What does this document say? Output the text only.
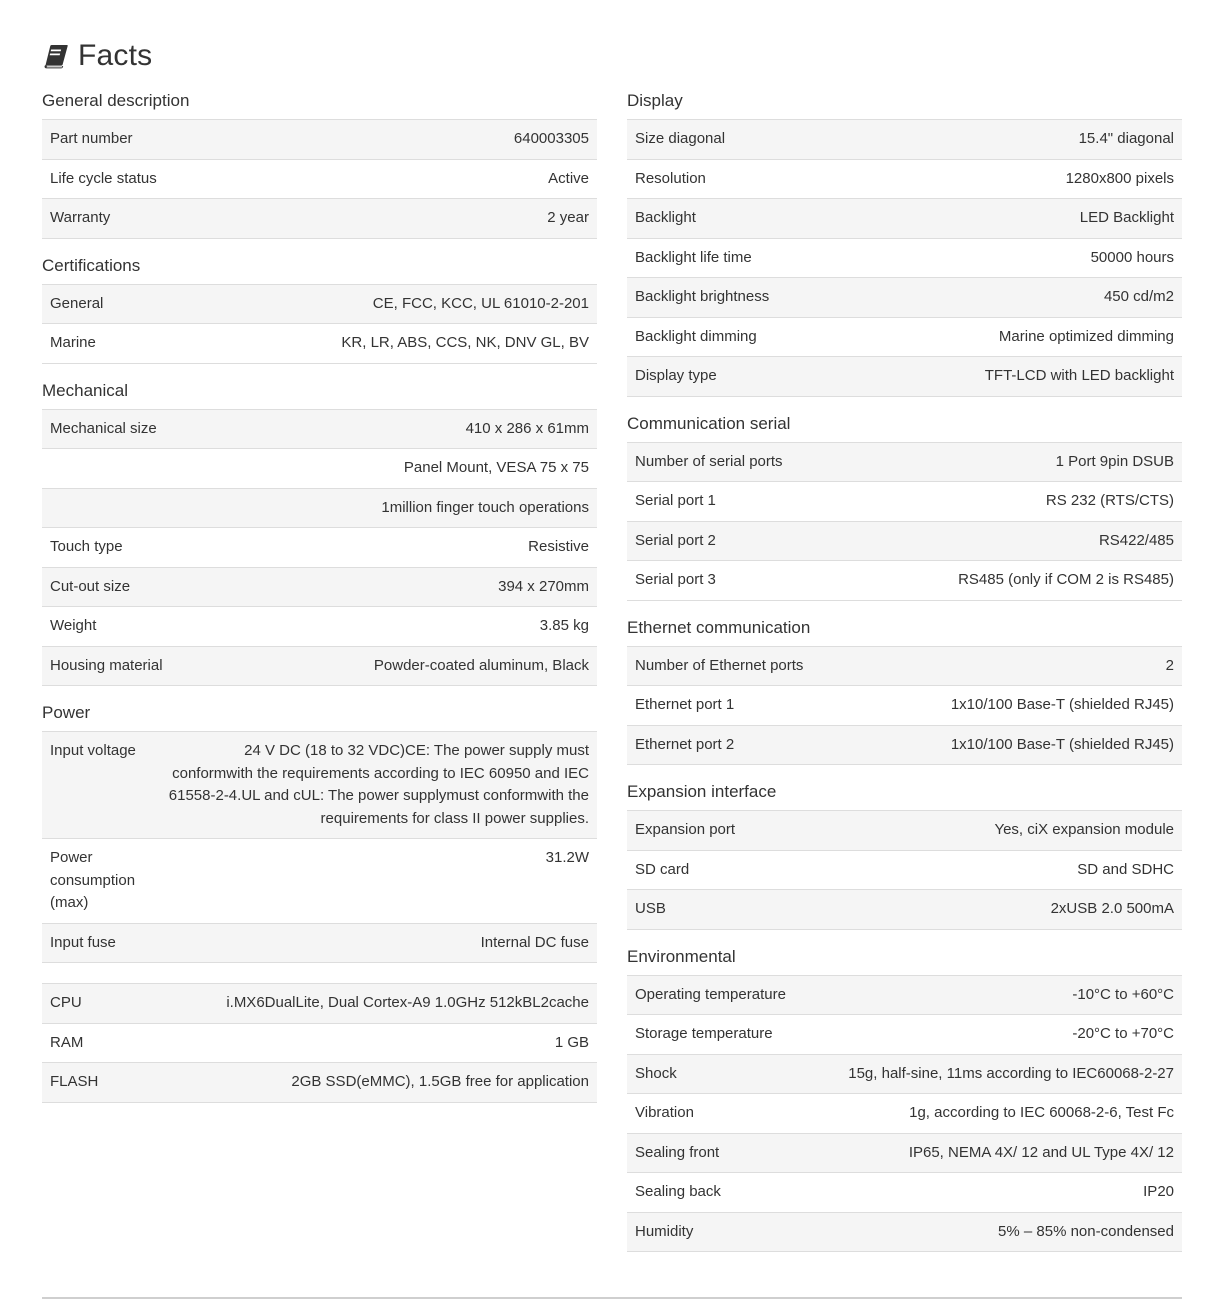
Facts
General description
Part number	640003305
Life cycle status	Active
Warranty	2 year
Certifications
General	CE, FCC, KCC, UL 61010-2-201
Marine	KR, LR, ABS, CCS, NK, DNV GL, BV
Mechanical
Mechanical size	410 x 286 x 61mm
	Panel Mount, VESA 75 x 75
	1million finger touch operations
Touch type	Resistive
Cut-out size	394 x 270mm
Weight	3.85 kg
Housing material	Powder-coated aluminum, Black
Power
Input voltage	24 V DC (18 to 32 VDC)CE: The power supply must conformwith the requirements according to IEC 60950 and IEC 61558-2-4.UL and cUL: The power supplymust conformwith the requirements for class II power supplies.
Power consumption (max)	31.2W
Input fuse	Internal DC fuse
CPU	i.MX6DualLite, Dual Cortex-A9 1.0GHz 512kBL2cache
RAM	1 GB
FLASH	2GB SSD(eMMC), 1.5GB free for application
Display
Size diagonal	15.4" diagonal
Resolution	1280x800 pixels
Backlight	LED Backlight
Backlight life time	50000 hours
Backlight brightness	450 cd/m2
Backlight dimming	Marine optimized dimming
Display type	TFT-LCD with LED backlight
Communication serial
Number of serial ports	1 Port 9pin DSUB
Serial port 1	RS 232 (RTS/CTS)
Serial port 2	RS422/485
Serial port 3	RS485 (only if COM 2 is RS485)
Ethernet communication
Number of Ethernet ports	2
Ethernet port 1	1x10/100 Base-T (shielded RJ45)
Ethernet port 2	1x10/100 Base-T (shielded RJ45)
Expansion interface
Expansion port	Yes, ciX expansion module
SD card	SD and SDHC
USB	2xUSB 2.0 500mA
Environmental
Operating temperature	-10°C to +60°C
Storage temperature	-20°C to +70°C
Shock	15g, half-sine, 11ms according to IEC60068-2-27
Vibration	1g, according to IEC 60068-2-6, Test Fc
Sealing front	IP65, NEMA 4X/ 12 and UL Type 4X/ 12
Sealing back	IP20
Humidity	5% – 85% non-condensed
